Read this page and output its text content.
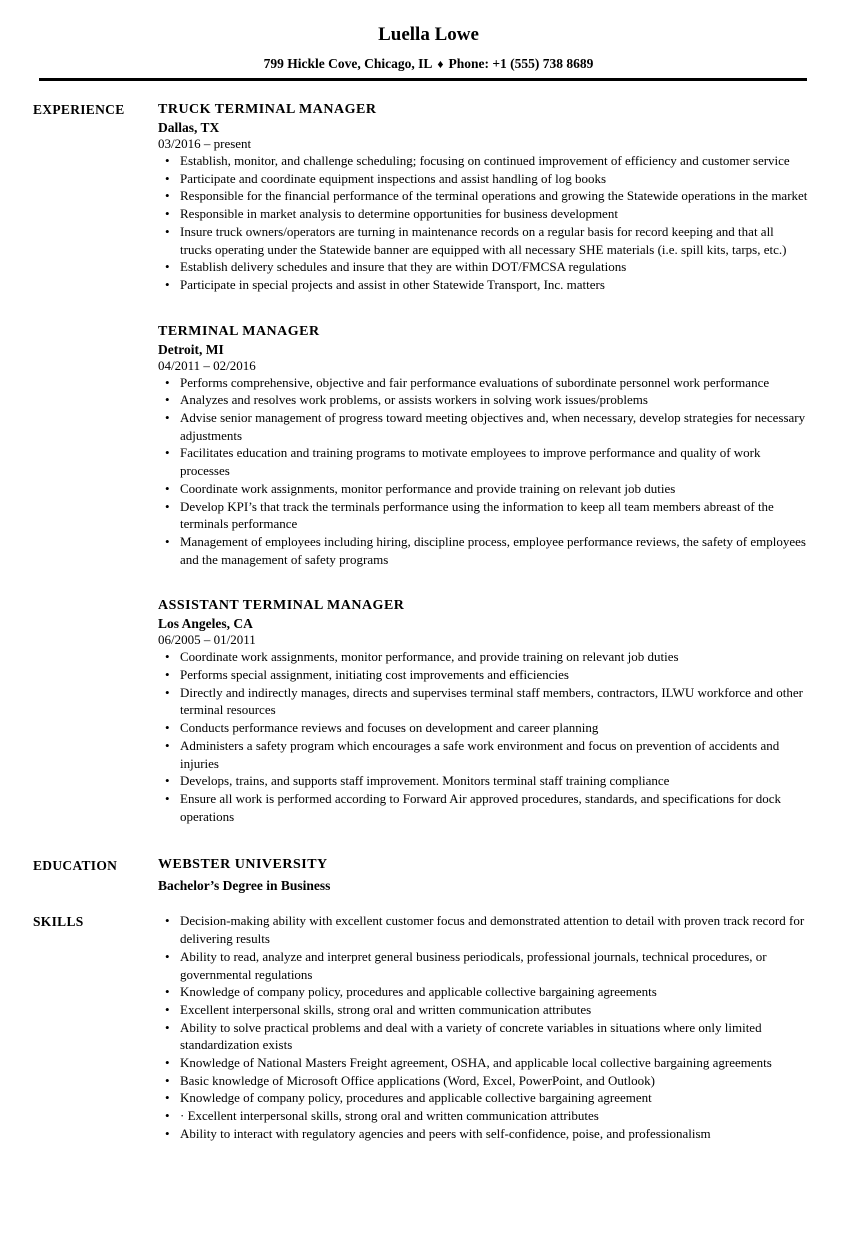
Luella Lowe
799 Hickle Cove, Chicago, IL ♦ Phone: +1 (555) 738 8689
EXPERIENCE	TRUCK TERMINAL MANAGER
Dallas, TX
03/2016 – present
• Establish, monitor, and challenge scheduling; focusing on continued improvement of efficiency and customer service
• Participate and coordinate equipment inspections and assist handling of log books
• Responsible for the financial performance of the terminal operations and growing the Statewide operations in the market
• Responsible in market analysis to determine opportunities for business development
• Insure truck owners/operators are turning in maintenance records on a regular basis for record keeping and that all trucks operating under the Statewide banner are equipped with all necessary SHE materials (i.e. spill kits, tarps, etc.)
• Establish delivery schedules and insure that they are within DOT/FMCSA regulations
• Participate in special projects and assist in other Statewide Transport, Inc. matters
TERMINAL MANAGER
Detroit, MI
04/2011 – 02/2016
• Performs comprehensive, objective and fair performance evaluations of subordinate personnel work performance
• Analyzes and resolves work problems, or assists workers in solving work issues/problems
• Advise senior management of progress toward meeting objectives and, when necessary, develop strategies for necessary adjustments
• Facilitates education and training programs to motivate employees to improve performance and quality of work processes
• Coordinate work assignments, monitor performance and provide training on relevant job duties
• Develop KPI’s that track the terminals performance using the information to keep all team members abreast of the terminals performance
• Management of employees including hiring, discipline process, employee performance reviews, the safety of employees and the management of safety programs
ASSISTANT TERMINAL MANAGER
Los Angeles, CA
06/2005 – 01/2011
• Coordinate work assignments, monitor performance, and provide training on relevant job duties
• Performs special assignment, initiating cost improvements and efficiencies
• Directly and indirectly manages, directs and supervises terminal staff members, contractors, ILWU workforce and other terminal resources
• Conducts performance reviews and focuses on development and career planning
• Administers a safety program which encourages a safe work environment and focus on prevention of accidents and injuries
• Develops, trains, and supports staff improvement. Monitors terminal staff training compliance
• Ensure all work is performed according to Forward Air approved procedures, standards, and specifications for dock operations
EDUCATION	WEBSTER UNIVERSITY
Bachelor’s Degree in Business
SKILLS	• Decision-making ability with excellent customer focus and demonstrated attention to detail with proven track record for delivering results
• Ability to read, analyze and interpret general business periodicals, professional journals, technical procedures, or governmental regulations
• Knowledge of company policy, procedures and applicable collective bargaining agreements
• Excellent interpersonal skills, strong oral and written communication attributes
• Ability to solve practical problems and deal with a variety of concrete variables in situations where only limited standardization exists
• Knowledge of National Masters Freight agreement, OSHA, and applicable local collective bargaining agreements
• Basic knowledge of Microsoft Office applications (Word, Excel, PowerPoint, and Outlook)
• Knowledge of company policy, procedures and applicable collective bargaining agreement
• · Excellent interpersonal skills, strong oral and written communication attributes
• Ability to interact with regulatory agencies and peers with self-confidence, poise, and professionalism
